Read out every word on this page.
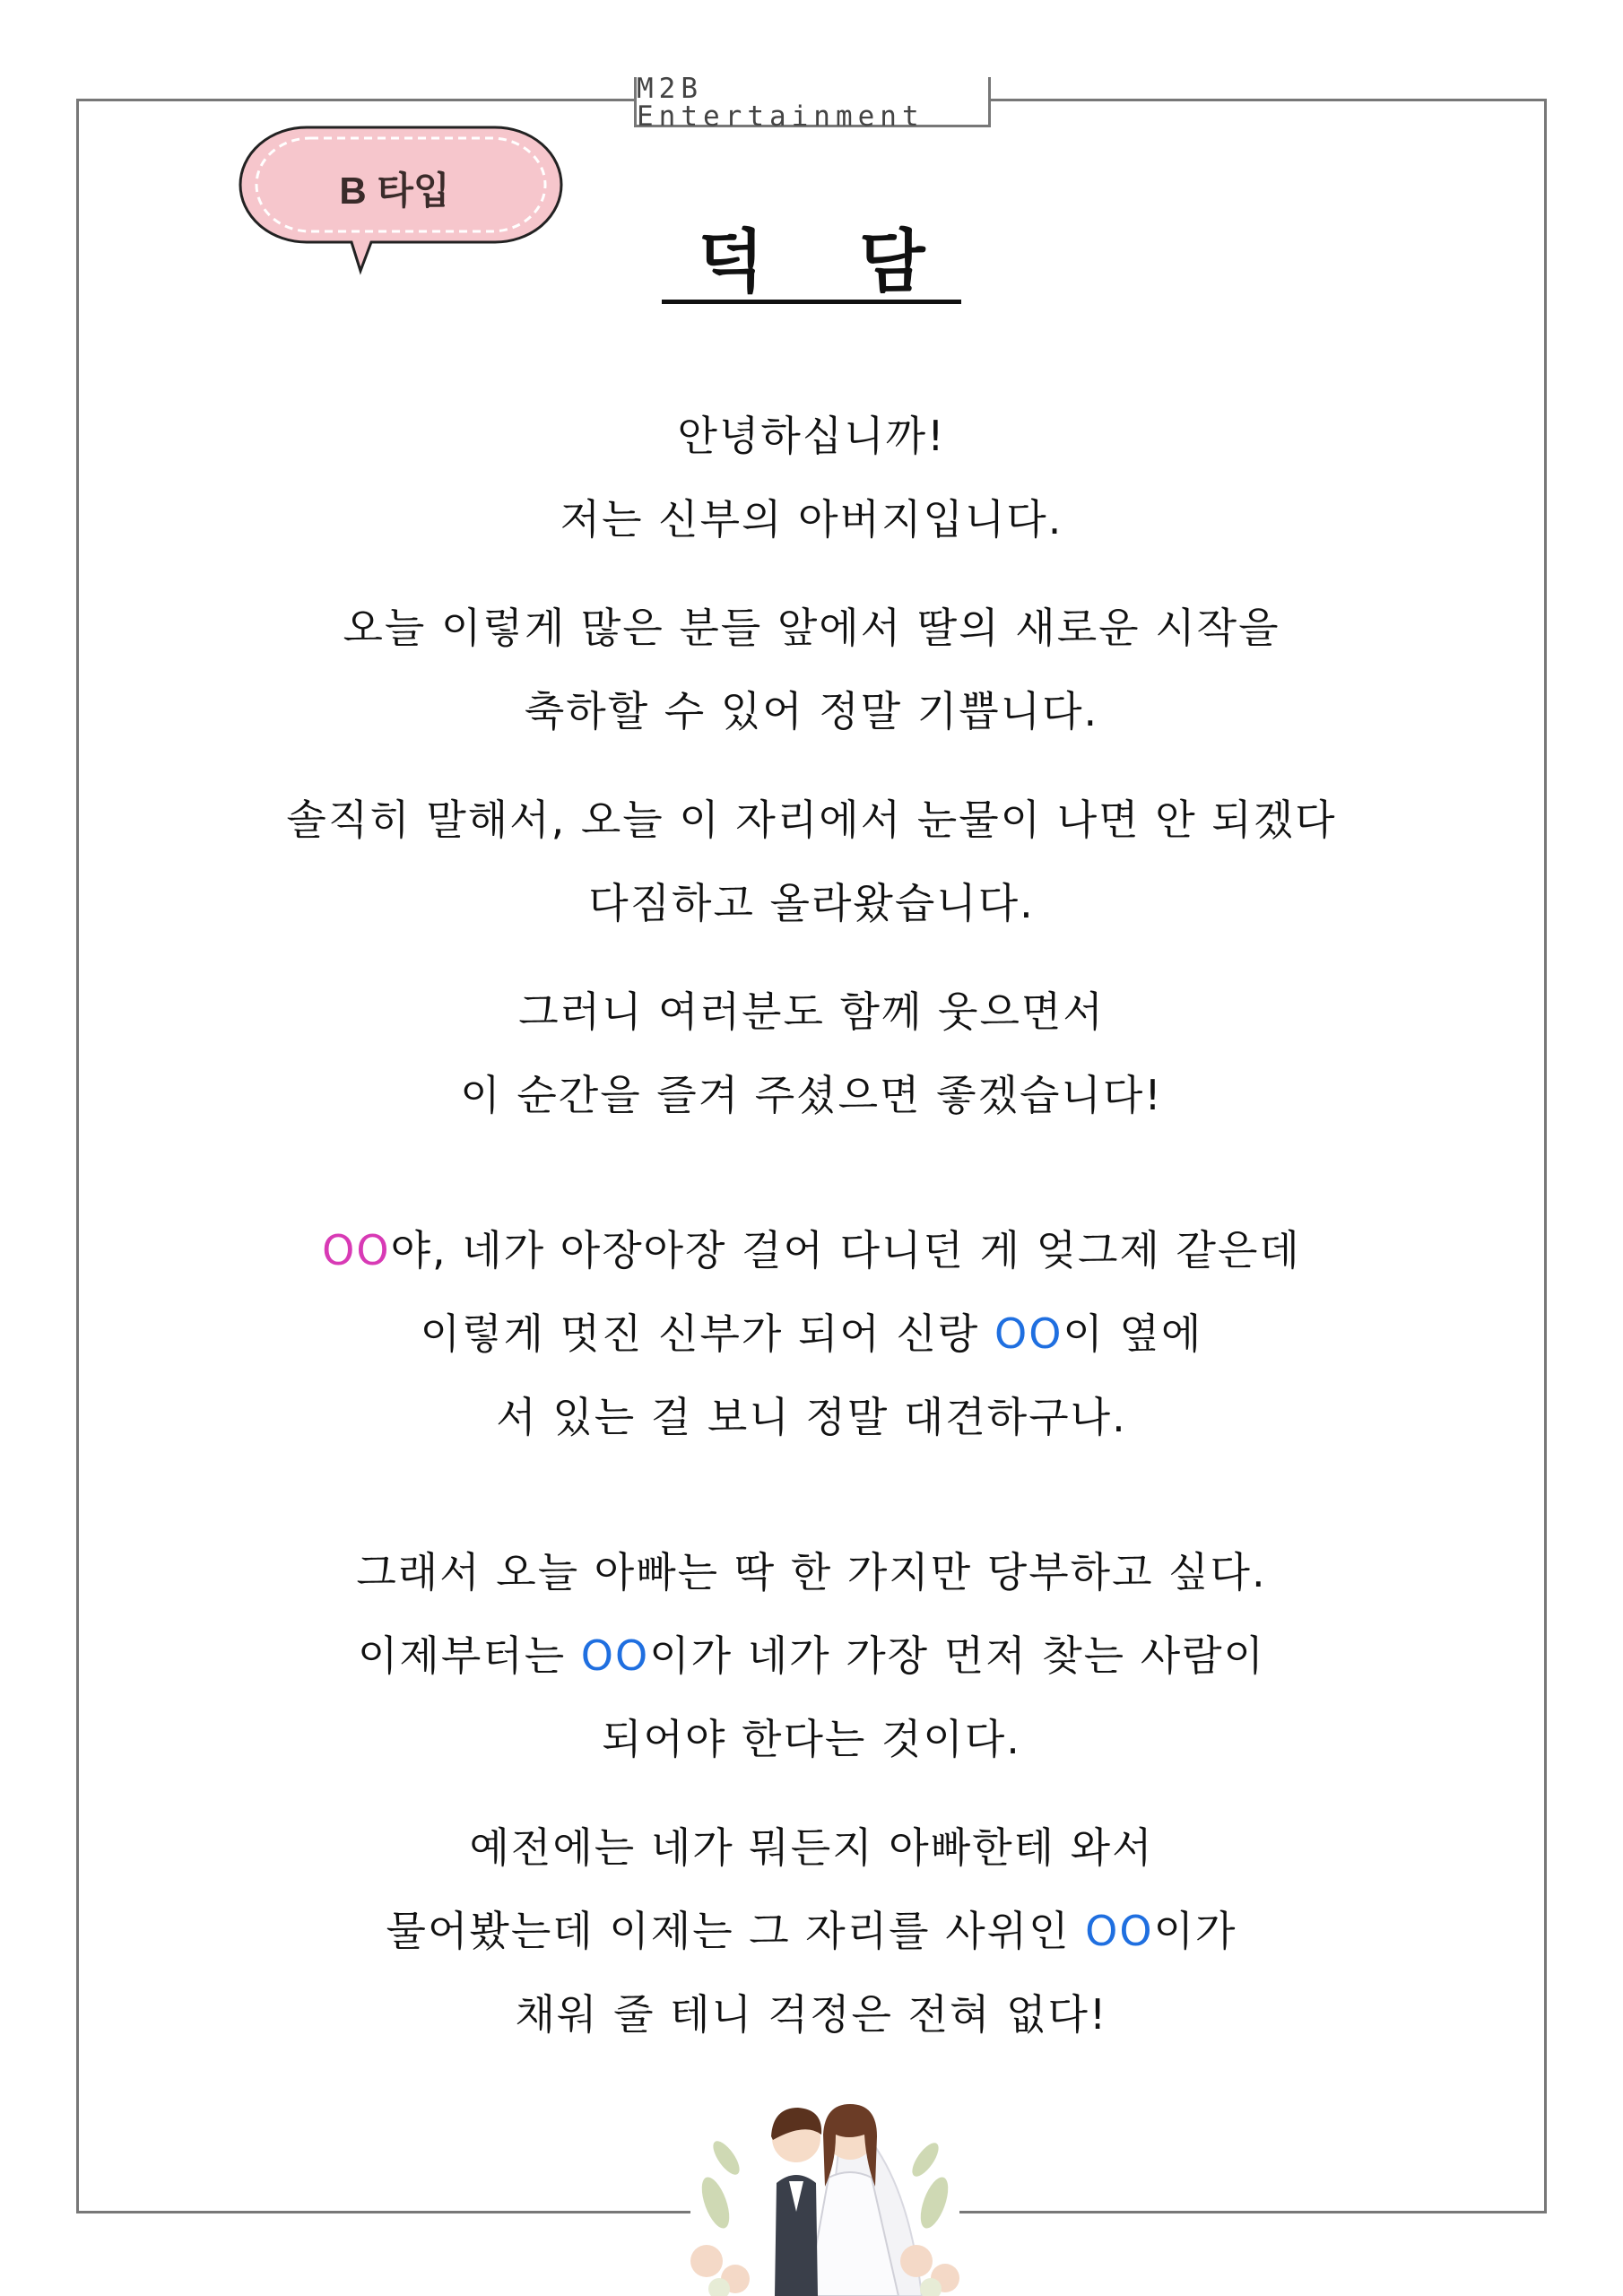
M2B Entertainment
B 타입
덕 담
안녕하십니까!
저는 신부의 아버지입니다.
오늘 이렇게 많은 분들 앞에서 딸의 새로운 시작을
축하할 수 있어 정말 기쁩니다.
솔직히 말해서, 오늘 이 자리에서 눈물이 나면 안 되겠다
다짐하고 올라왔습니다.
그러니 여러분도 함께 웃으면서
이 순간을 즐겨 주셨으면 좋겠습니다!
OO야, 네가 아장아장 걸어 다니던 게 엊그제 같은데
이렇게 멋진 신부가 되어 신랑 OO이 옆에
서 있는 걸 보니 정말 대견하구나.
그래서 오늘 아빠는 딱 한 가지만 당부하고 싶다.
이제부터는 OO이가 네가 가장 먼저 찾는 사람이
되어야 한다는 것이다.
예전에는 네가 뭐든지 아빠한테 와서
물어봤는데 이제는 그 자리를 사위인 OO이가
채워 줄 테니 걱정은 전혀 없다!
